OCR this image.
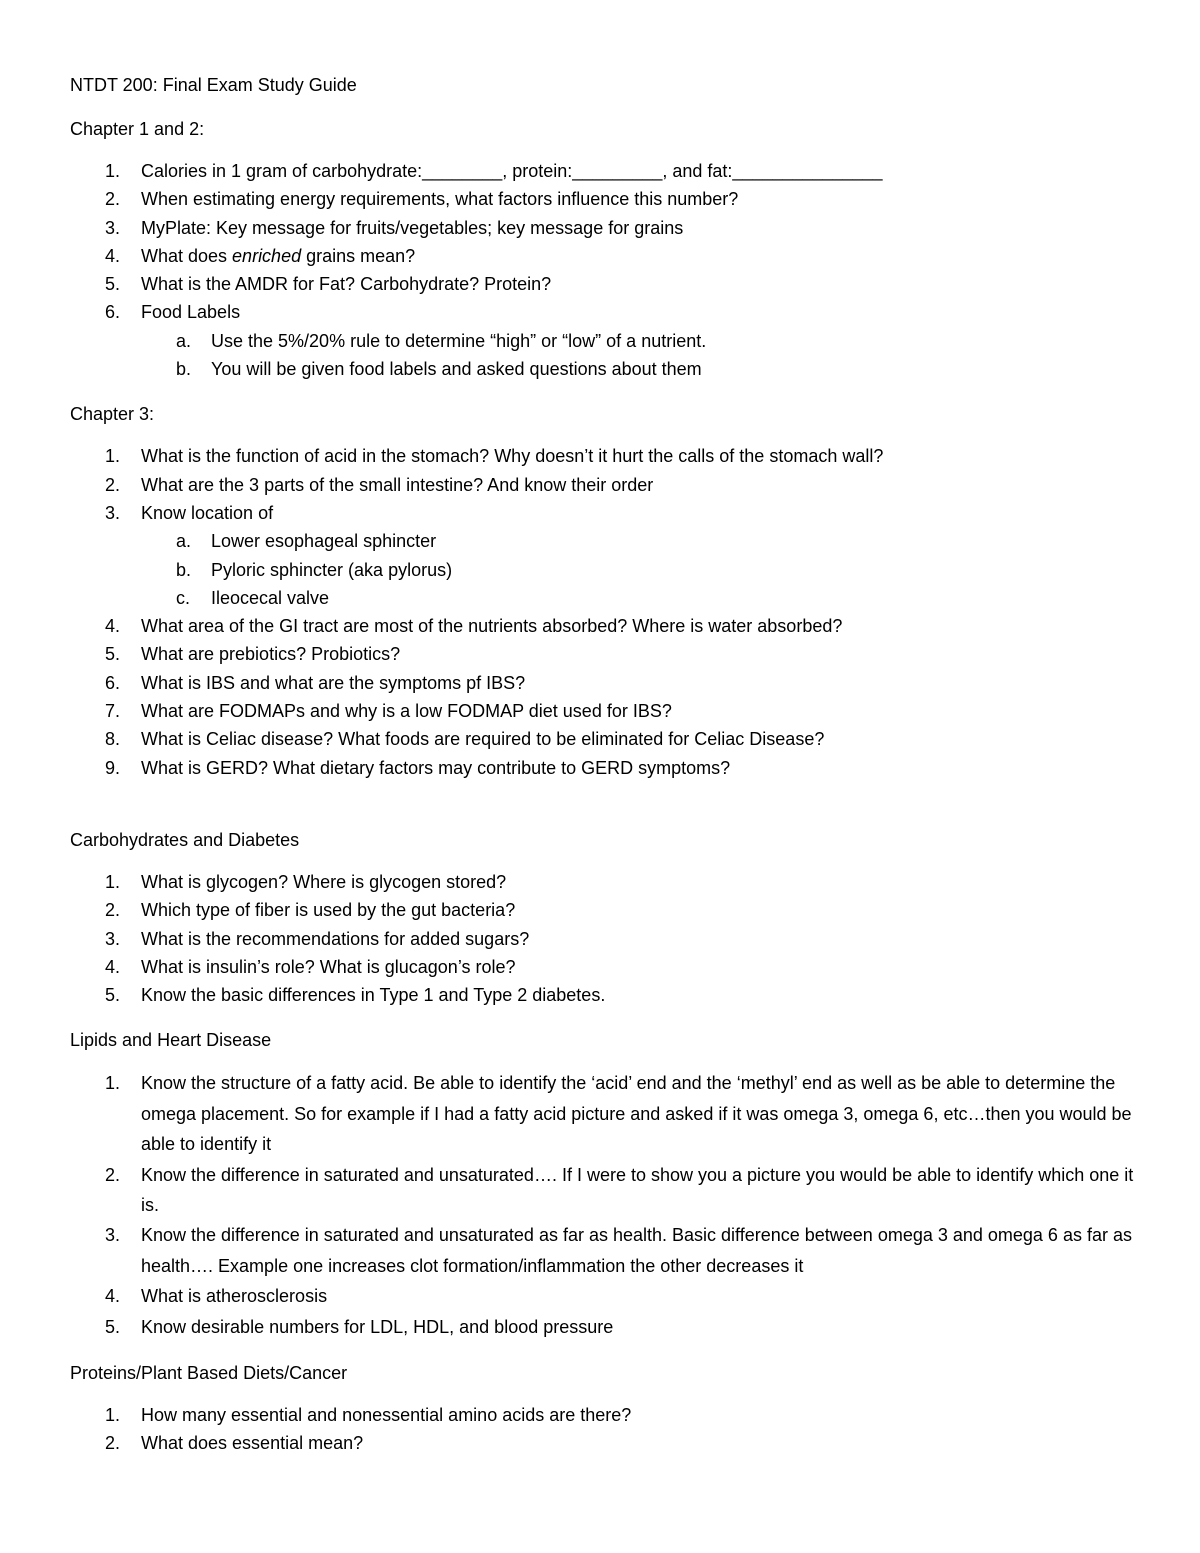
NTDT 200: Final Exam Study Guide
Chapter 1 and 2:
1. Calories in 1 gram of carbohydrate:________, protein:_________, and fat:_______________
2. When estimating energy requirements, what factors influence this number?
3. MyPlate: Key message for fruits/vegetables; key message for grains
4. What does enriched grains mean?
5. What is the AMDR for Fat? Carbohydrate? Protein?
6. Food Labels
a. Use the 5%/20% rule to determine “high” or “low” of a nutrient.
b. You will be given food labels and asked questions about them
Chapter 3:
1. What is the function of acid in the stomach? Why doesn’t it hurt the calls of the stomach wall?
2. What are the 3 parts of the small intestine? And know their order
3. Know location of
a. Lower esophageal sphincter
b. Pyloric sphincter (aka pylorus)
c. Ileocecal valve
4. What area of the GI tract are most of the nutrients absorbed? Where is water absorbed?
5. What are prebiotics? Probiotics?
6. What is IBS and what are the symptoms pf IBS?
7. What are FODMAPs and why is a low FODMAP diet used for IBS?
8. What is Celiac disease? What foods are required to be eliminated for Celiac Disease?
9. What is GERD? What dietary factors may contribute to GERD symptoms?
Carbohydrates and Diabetes
1. What is glycogen? Where is glycogen stored?
2. Which type of fiber is used by the gut bacteria?
3. What is the recommendations for added sugars?
4. What is insulin’s role? What is glucagon’s role?
5. Know the basic differences in Type 1 and Type 2 diabetes.
Lipids and Heart Disease
1. Know the structure of a fatty acid. Be able to identify the ‘acid’ end and the ‘methyl’ end as well as be able to determine the omega placement. So for example if I had a fatty acid picture and asked if it was omega 3, omega 6, etc…then you would be able to identify it
2. Know the difference in saturated and unsaturated…. If I were to show you a picture you would be able to identify which one it is.
3. Know the difference in saturated and unsaturated as far as health. Basic difference between omega 3 and omega 6 as far as health…. Example one increases clot formation/inflammation the other decreases it
4. What is atherosclerosis
5. Know desirable numbers for LDL, HDL, and blood pressure
Proteins/Plant Based Diets/Cancer
1. How many essential and nonessential amino acids are there?
2. What does essential mean?
